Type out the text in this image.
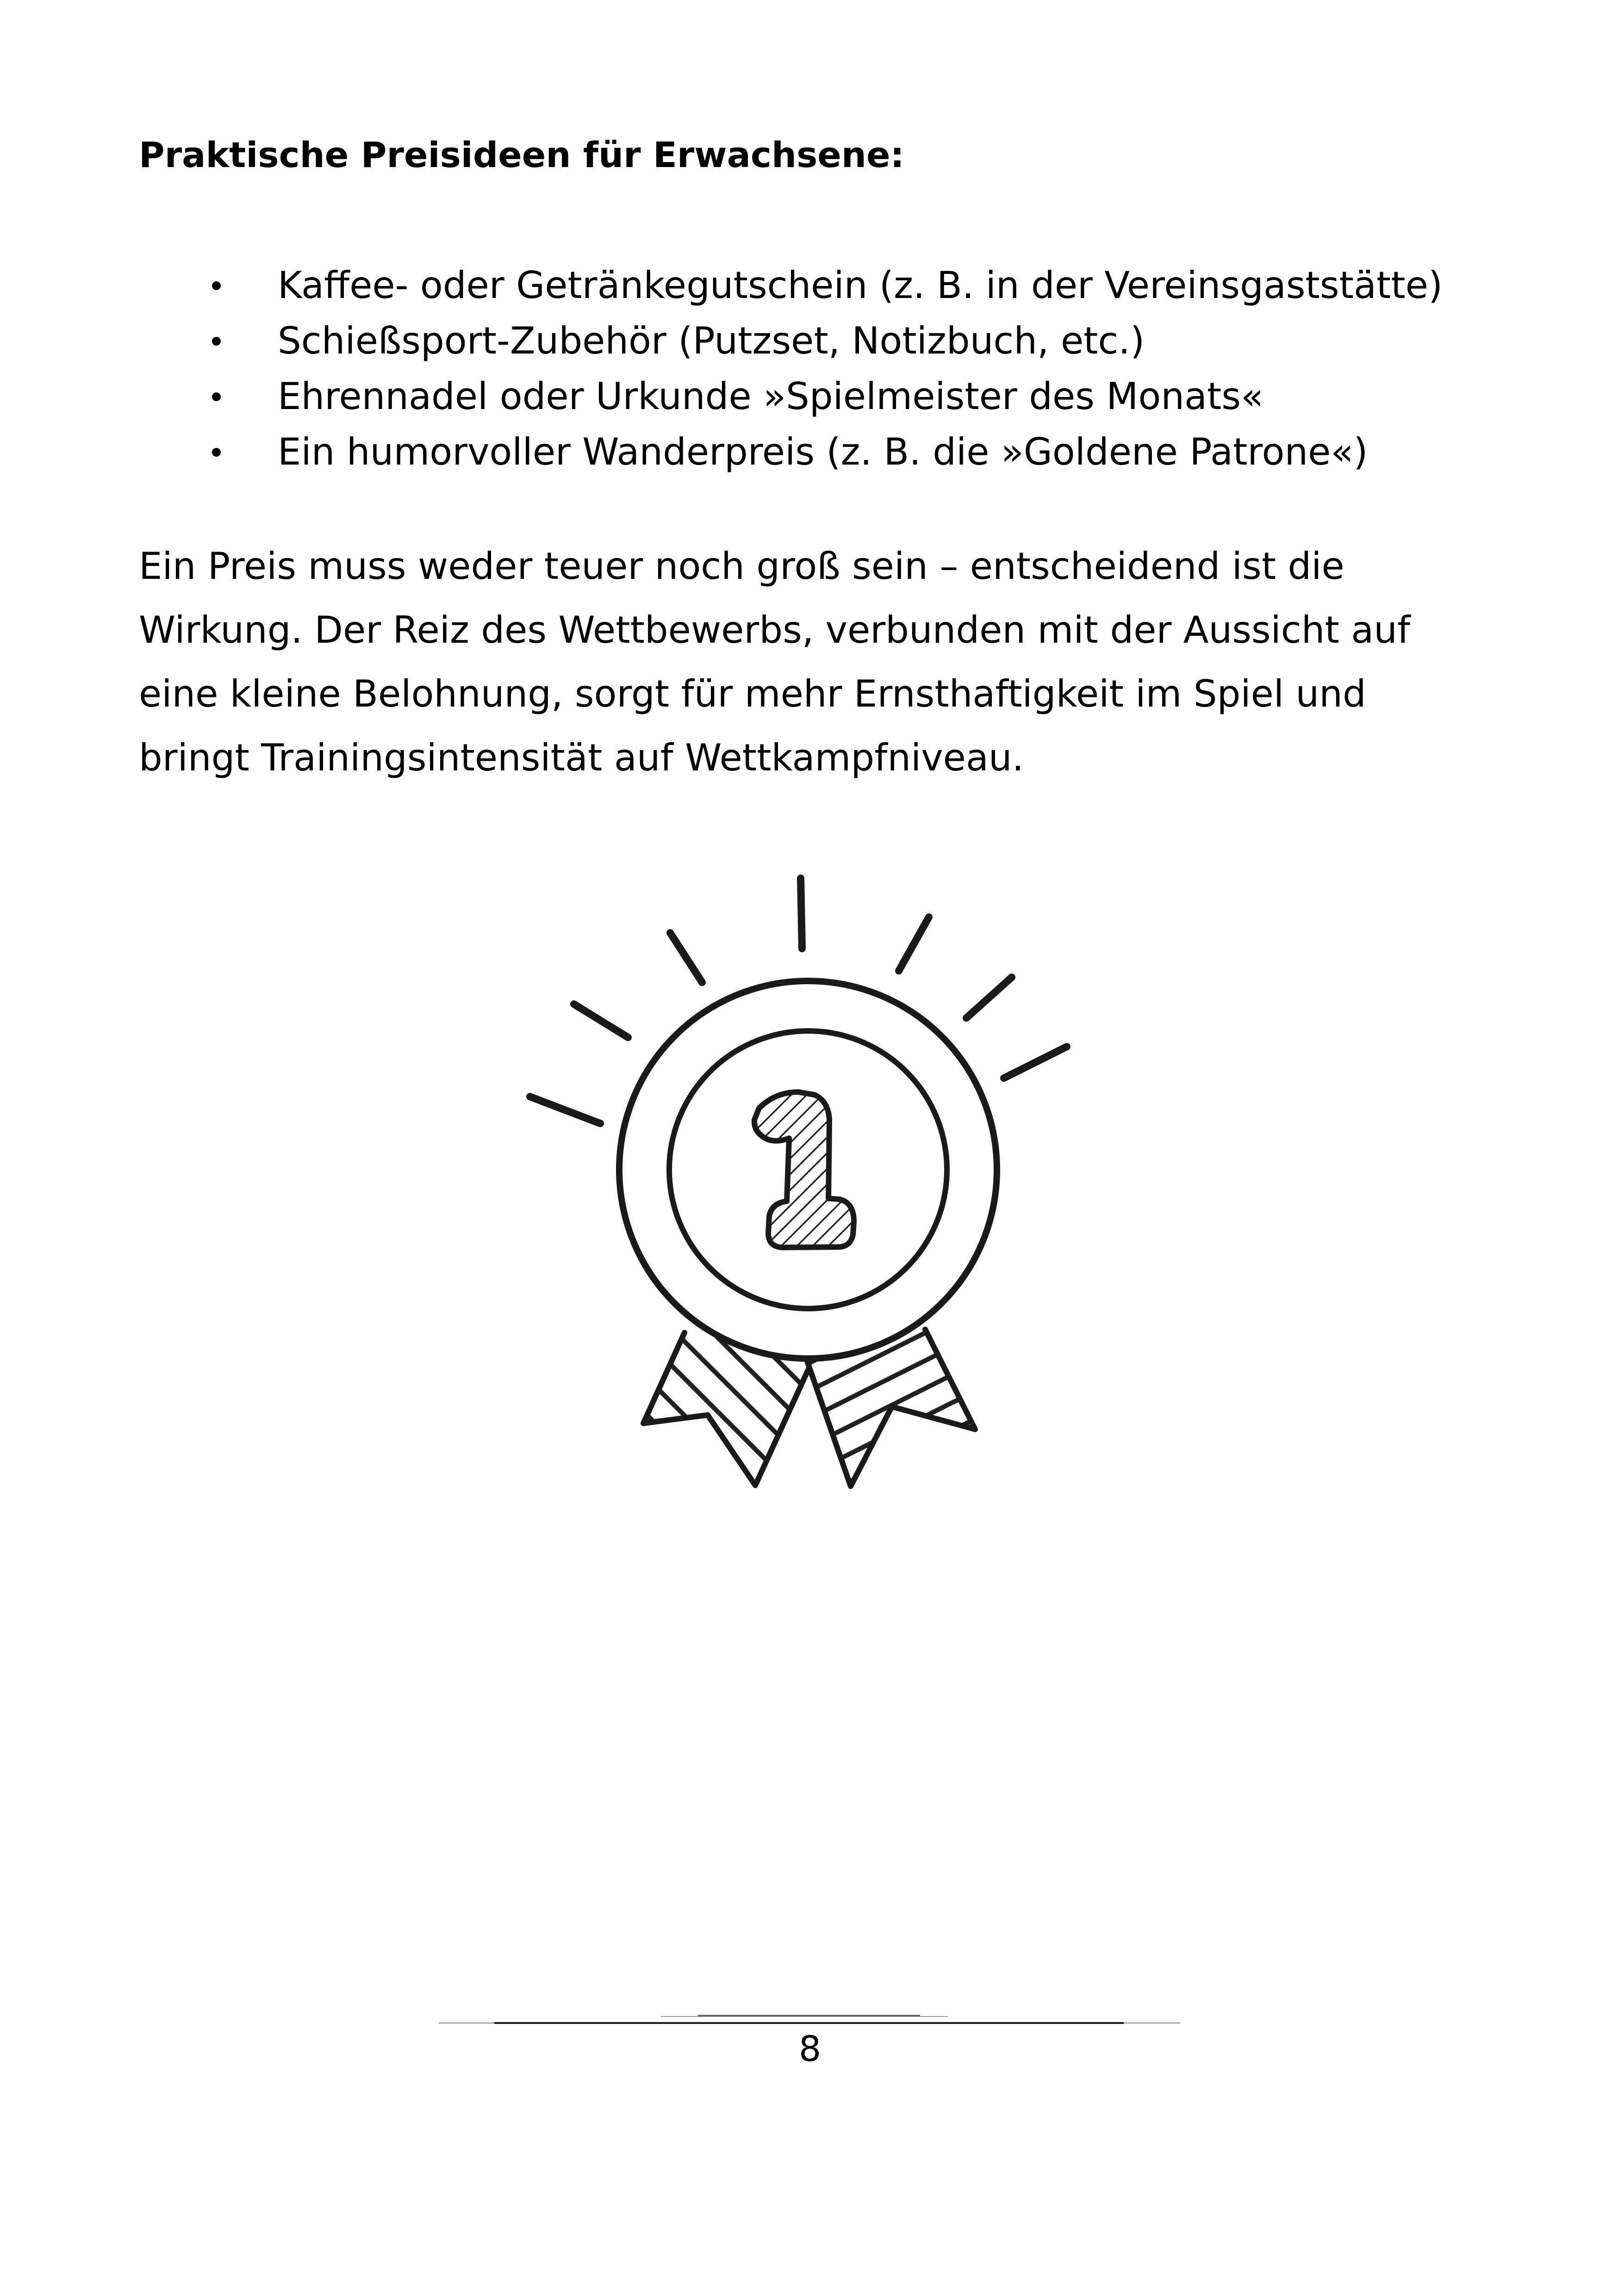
Praktische Preisideen für Erwachsene:
Kaffee- oder Getränkegutschein (z. B. in der Vereinsgaststätte)
Schießsport-Zubehör (Putzset, Notizbuch, etc.)
Ehrennadel oder Urkunde »Spielmeister des Monats«
Ein humorvoller Wanderpreis (z. B. die »Goldene Patrone«)

Ein Preis muss weder teuer noch groß sein – entscheidend ist die
Wirkung. Der Reiz des Wettbewerbs, verbunden mit der Aussicht auf
eine kleine Belohnung, sorgt für mehr Ernsthaftigkeit im Spiel und
bringt Trainingsintensität auf Wettkampfniveau.

8
